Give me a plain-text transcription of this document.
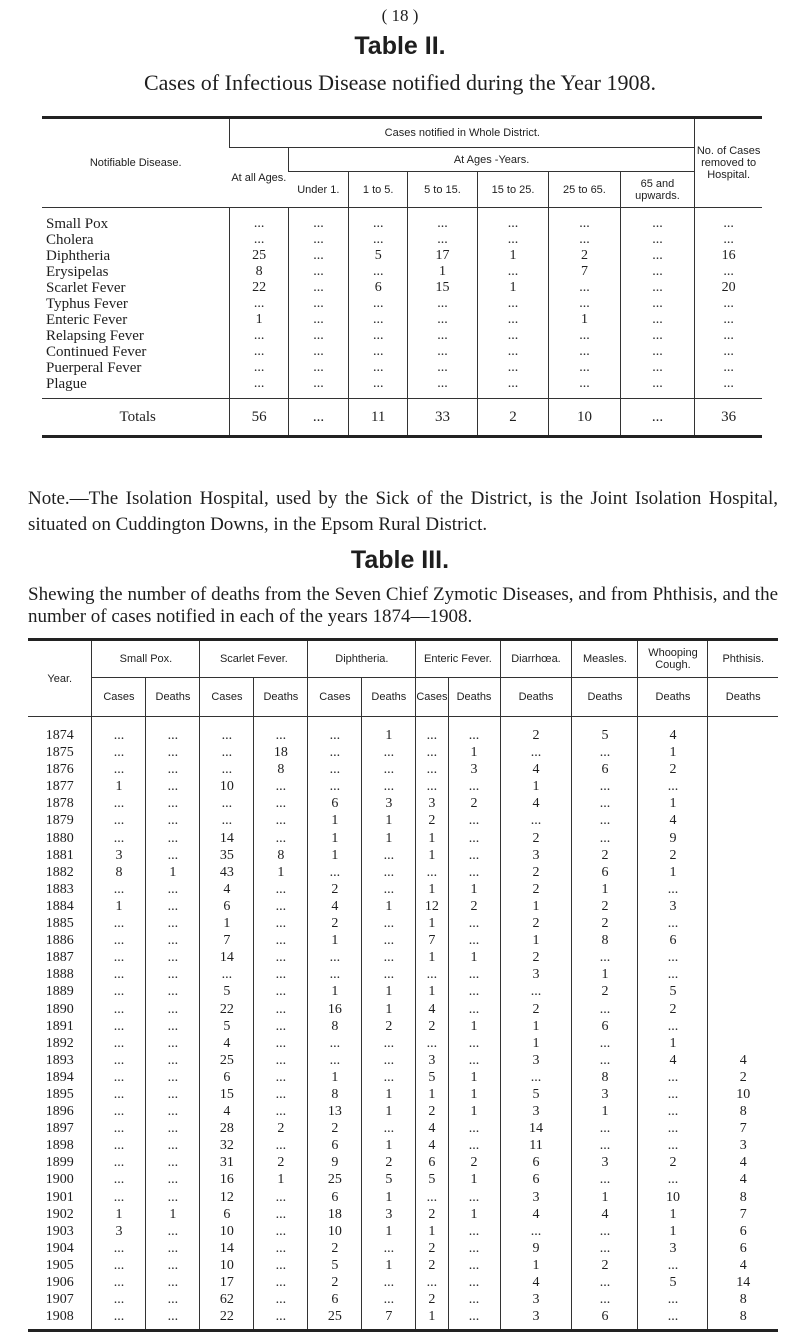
( 18 )
Table II.
Cases of Infectious Disease notified during the Year 1908.
Notifiable Disease.	Cases notified in Whole District.							No. of Cases removed to Hospital.
	At all Ages.	At Ages -Years.						
		Under 1.	1 to 5.	5 to 15.	15 to 25.	25 to 65.	65 and upwards.	
Small Pox	...	...	...	...	...	...	...	...
Cholera	...	...	...	...	...	...	...	...
Diphtheria	25	...	5	17	1	2	...	16
Erysipelas	8	...	...	1	...	7	...	...
Scarlet Fever	22	...	6	15	1	...	...	20
Typhus Fever	...	...	...	...	...	...	...	...
Enteric Fever	1	...	...	...	...	1	...	...
Relapsing Fever	...	...	...	...	...	...	...	...
Continued Fever	...	...	...	...	...	...	...	...
Puerperal Fever	...	...	...	...	...	...	...	...
Plague	...	...	...	...	...	...	...	...
Totals	56	...	11	33	2	10	...	36
Note.—The Isolation Hospital, used by the Sick of the District, is the Joint Isolation Hospital, situated on Cuddington Downs, in the Epsom Rural District.
Table III.
Shewing the number of deaths from the Seven Chief Zymotic Diseases, and from Phthisis, and the number of cases notified in each of the years 1874—1908.
Year.	Small Pox.		Scarlet Fever.		Diphtheria.		Enteric Fever.		Diarrhœa.	Measles.	Whooping Cough.	Phthisis.
	Cases	Deaths	Cases	Deaths	Cases	Deaths	Cases	Deaths	Deaths	Deaths	Deaths	Deaths
1874	...	...	...	...	...	1	...	...	2	5	4	
1875	...	...	...	18	...	...	...	1	...	...	1	
1876	...	...	...	8	...	...	...	3	4	6	2	
1877	1	...	10	...	...	...	...	...	1	...	...	
1878	...	...	...	...	6	3	3	2	4	...	1	
1879	...	...	...	...	1	1	2	...	...	...	4	
1880	...	...	14	...	1	1	1	...	2	...	9	
1881	3	...	35	8	1	...	1	...	3	2	2	
1882	8	1	43	1	...	...	...	...	2	6	1	
1883	...	...	4	...	2	...	1	1	2	1	...	
1884	1	...	6	...	4	1	12	2	1	2	3	
1885	...	...	1	...	2	...	1	...	2	2	...	
1886	...	...	7	...	1	...	7	...	1	8	6	
1887	...	...	14	...	...	...	1	1	2	...	...	
1888	...	...	...	...	...	...	...	...	3	1	...	
1889	...	...	5	...	1	1	1	...	...	2	5	
1890	...	...	22	...	16	1	4	...	2	...	2	
1891	...	...	5	...	8	2	2	1	1	6	...	
1892	...	...	4	...	...	...	...	...	1	...	1	
1893	...	...	25	...	...	...	3	...	3	...	4	4
1894	...	...	6	...	1	...	5	1	...	8	...	2
1895	...	...	15	...	8	1	1	1	5	3	...	10
1896	...	...	4	...	13	1	2	1	3	1	...	8
1897	...	...	28	2	2	...	4	...	14	...	...	7
1898	...	...	32	...	6	1	4	...	11	...	...	3
1899	...	...	31	2	9	2	6	2	6	3	2	4
1900	...	...	16	1	25	5	5	1	6	...	...	4
1901	...	...	12	...	6	1	...	...	3	1	10	8
1902	1	1	6	...	18	3	2	1	4	4	1	7
1903	3	...	10	...	10	1	1	...	...	...	1	6
1904	...	...	14	...	2	...	2	...	9	...	3	6
1905	...	...	10	...	5	1	2	...	1	2	...	4
1906	...	...	17	...	2	...	...	...	4	...	5	14
1907	...	...	62	...	6	...	2	...	3	...	...	8
1908	...	...	22	...	25	7	1	...	3	6	...	8
